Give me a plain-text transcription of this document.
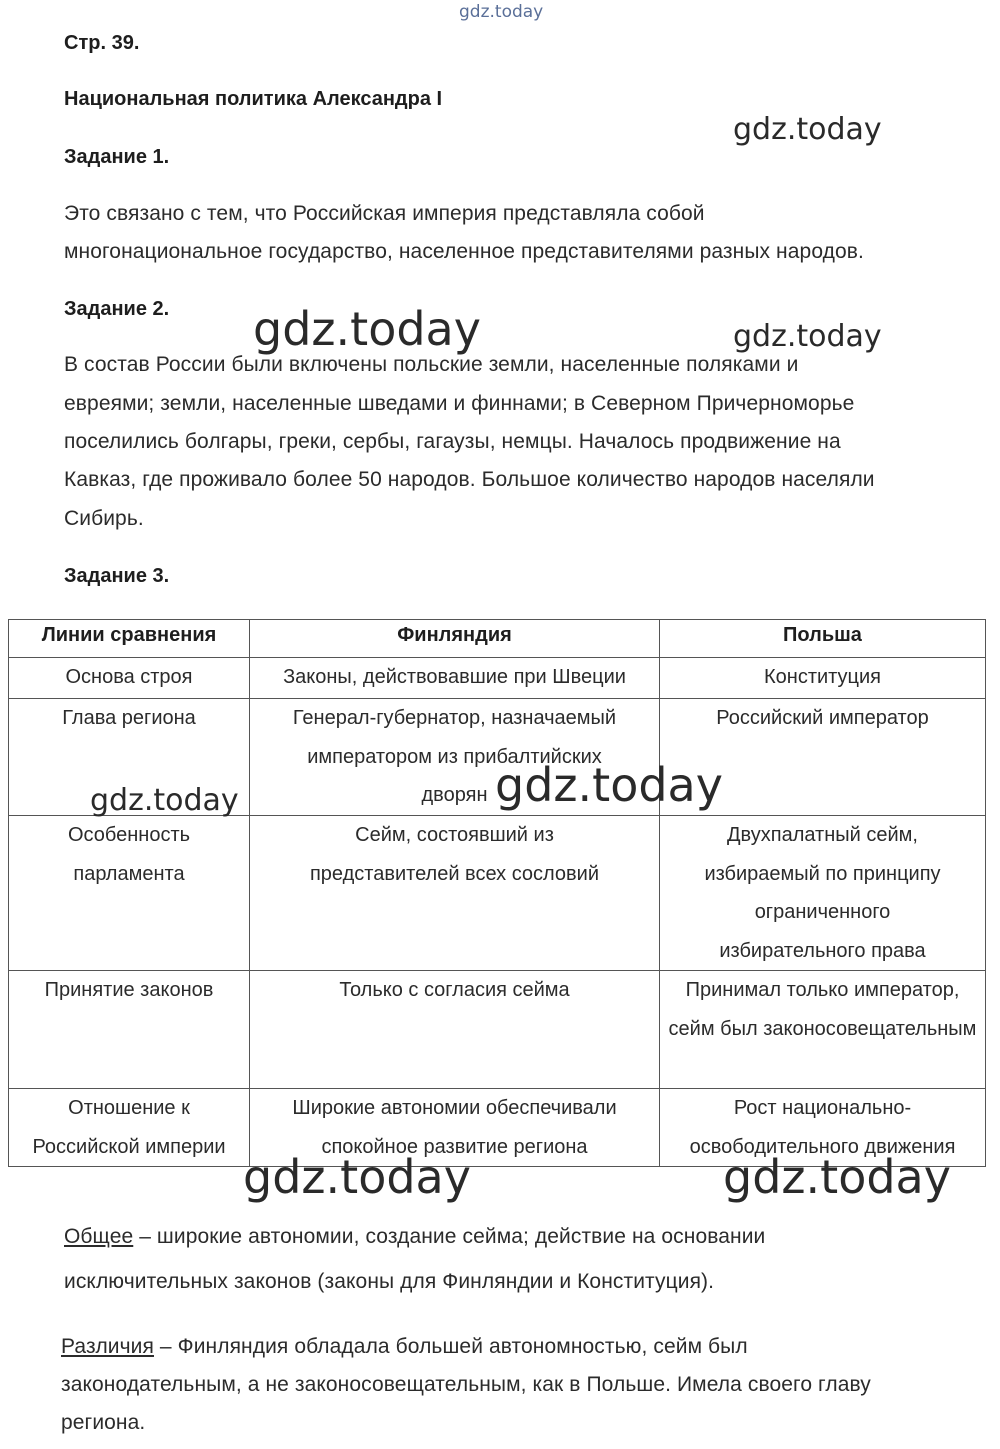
gdz.today
gdz.today
gdz.today	gdz.today
Стр. 39.
Национальная политика Александра I
Задание 1.
Это связано с тем, что Российская империя представляла собой
многонациональное государство, населенное представителями разных народов.
Задание 2.
В состав России были включены польские земли, населенные поляками и
евреями; земли, населенные шведами и финнами; в Северном Причерноморье
поселились болгары, греки, сербы, гагаузы, немцы. Началось продвижение на
Кавказ, где проживало более 50 народов. Большое количество народов населяли
Сибирь.
Задание 3.
Линии сравнения	Финляндия	Польша
Основа строя	Законы, действовавшие при Швеции	Конституция
Глава региона	Генерал-губернатор, назначаемый императором из прибалтийских дворян	Российский император
Особенность парламента	Сейм, состоявший из представителей всех сословий	Двухпалатный сейм, избираемый по принципу ограниченного избирательного права
Принятие законов	Только с согласия сейма	Принимал только император, сейм был законосовещательным
Отношение к Российской империи	Широкие автономии обеспечивали спокойное развитие региона	Рост национально-освободительного движения
gdz.today	gdz.today
gdz.today	gdz.today
Общее – широкие автономии, создание сейма; действие на основании
исключительных законов (законы для Финляндии и Конституция).
Различия – Финляндия обладала большей автономностью, сейм был
законодательным, а не законосовещательным, как в Польше. Имела своего главу
региона.
